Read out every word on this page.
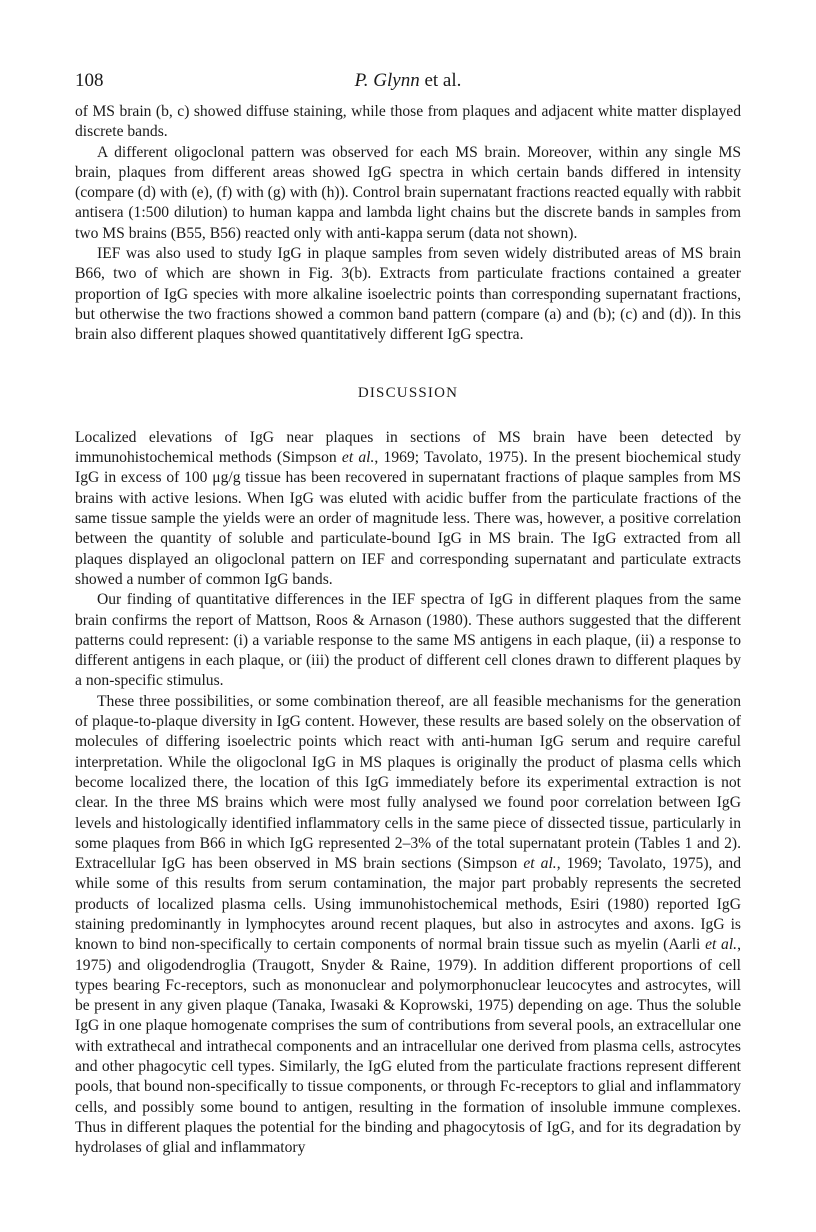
108	P. Glynn et al.

of MS brain (b, c) showed diffuse staining, while those from plaques and adjacent white matter displayed discrete bands.

A different oligoclonal pattern was observed for each MS brain. Moreover, within any single MS brain, plaques from different areas showed IgG spectra in which certain bands differed in intensity (compare (d) with (e), (f) with (g) with (h)). Control brain supernatant fractions reacted equally with rabbit antisera (1:500 dilution) to human kappa and lambda light chains but the discrete bands in samples from two MS brains (B55, B56) reacted only with anti-kappa serum (data not shown).

IEF was also used to study IgG in plaque samples from seven widely distributed areas of MS brain B66, two of which are shown in Fig. 3(b). Extracts from particulate fractions contained a greater proportion of IgG species with more alkaline isoelectric points than corresponding supernatant fractions, but otherwise the two fractions showed a common band pattern (compare (a) and (b); (c) and (d)). In this brain also different plaques showed quantitatively different IgG spectra.

DISCUSSION

Localized elevations of IgG near plaques in sections of MS brain have been detected by immunohistochemical methods (Simpson et al., 1969; Tavolato, 1975). In the present biochemical study IgG in excess of 100 μg/g tissue has been recovered in supernatant fractions of plaque samples from MS brains with active lesions. When IgG was eluted with acidic buffer from the particulate fractions of the same tissue sample the yields were an order of magnitude less. There was, however, a positive correlation between the quantity of soluble and particulate-bound IgG in MS brain. The IgG extracted from all plaques displayed an oligoclonal pattern on IEF and corresponding supernatant and particulate extracts showed a number of common IgG bands.

Our finding of quantitative differences in the IEF spectra of IgG in different plaques from the same brain confirms the report of Mattson, Roos & Arnason (1980). These authors suggested that the different patterns could represent: (i) a variable response to the same MS antigens in each plaque, (ii) a response to different antigens in each plaque, or (iii) the product of different cell clones drawn to different plaques by a non-specific stimulus.

These three possibilities, or some combination thereof, are all feasible mechanisms for the generation of plaque-to-plaque diversity in IgG content. However, these results are based solely on the observation of molecules of differing isoelectric points which react with anti-human IgG serum and require careful interpretation. While the oligoclonal IgG in MS plaques is originally the product of plasma cells which become localized there, the location of this IgG immediately before its experimental extraction is not clear. In the three MS brains which were most fully analysed we found poor correlation between IgG levels and histologically identified inflammatory cells in the same piece of dissected tissue, particularly in some plaques from B66 in which IgG represented 2–3% of the total supernatant protein (Tables 1 and 2). Extracellular IgG has been observed in MS brain sections (Simpson et al., 1969; Tavolato, 1975), and while some of this results from serum contamination, the major part probably represents the secreted products of localized plasma cells. Using immunohistochemical methods, Esiri (1980) reported IgG staining predominantly in lymphocytes around recent plaques, but also in astrocytes and axons. IgG is known to bind non-specifically to certain components of normal brain tissue such as myelin (Aarli et al., 1975) and oligodendroglia (Traugott, Snyder & Raine, 1979). In addition different proportions of cell types bearing Fc-receptors, such as mononuclear and polymorphonuclear leucocytes and astrocytes, will be present in any given plaque (Tanaka, Iwasaki & Koprowski, 1975) depending on age. Thus the soluble IgG in one plaque homogenate comprises the sum of contributions from several pools, an extracellular one with extrathecal and intrathecal components and an intracellular one derived from plasma cells, astrocytes and other phagocytic cell types. Similarly, the IgG eluted from the particulate fractions represent different pools, that bound non-specifically to tissue components, or through Fc-receptors to glial and inflammatory cells, and possibly some bound to antigen, resulting in the formation of insoluble immune complexes. Thus in different plaques the potential for the binding and phagocytosis of IgG, and for its degradation by hydrolases of glial and inflammatory
